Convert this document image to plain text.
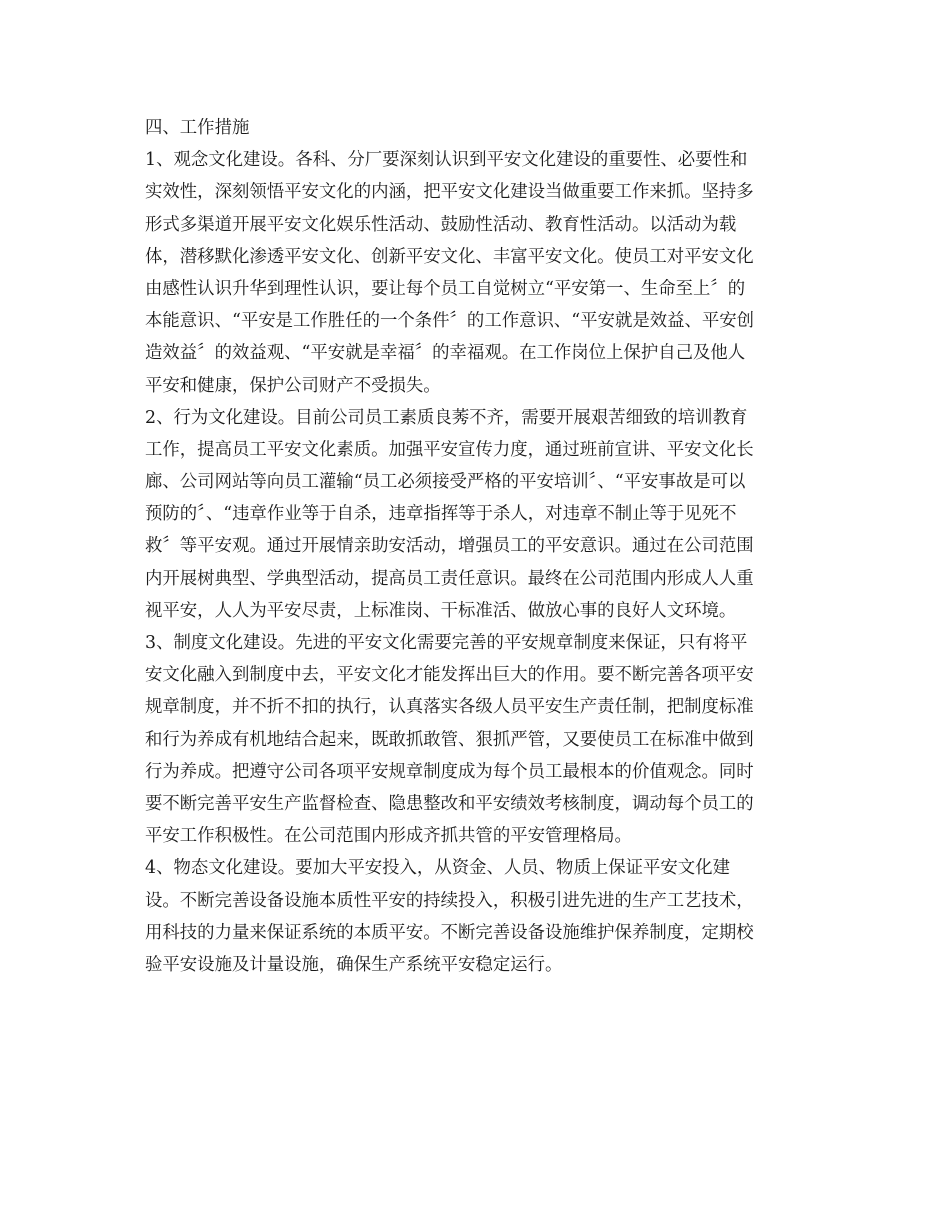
四、工作措施
1、观念文化建设。各科、分厂要深刻认识到平安文化建设的重要性、必要性和
实效性，深刻领悟平安文化的内涵，把平安文化建设当做重要工作来抓。坚持多
形式多渠道开展平安文化娱乐性活动、鼓励性活动、教育性活动。以活动为载
体，潜移默化渗透平安文化、创新平安文化、丰富平安文化。使员工对平安文化
由感性认识升华到理性认识，要让每个员工自觉树立“平安第一、生命至上〞的
本能意识、“平安是工作胜任的一个条件〞的工作意识、“平安就是效益、平安创
造效益〞的效益观、“平安就是幸福〞的幸福观。在工作岗位上保护自己及他人
平安和健康，保护公司财产不受损失。
2、行为文化建设。目前公司员工素质良莠不齐，需要开展艰苦细致的培训教育
工作，提高员工平安文化素质。加强平安宣传力度，通过班前宣讲、平安文化长
廊、公司网站等向员工灌输“员工必须接受严格的平安培训〞、“平安事故是可以
预防的〞、“违章作业等于自杀，违章指挥等于杀人，对违章不制止等于见死不
救〞等平安观。通过开展情亲助安活动，增强员工的平安意识。通过在公司范围
内开展树典型、学典型活动，提高员工责任意识。最终在公司范围内形成人人重
视平安，人人为平安尽责，上标准岗、干标准活、做放心事的良好人文环境。
3、制度文化建设。先进的平安文化需要完善的平安规章制度来保证，只有将平
安文化融入到制度中去，平安文化才能发挥出巨大的作用。要不断完善各项平安
规章制度，并不折不扣的执行，认真落实各级人员平安生产责任制，把制度标准
和行为养成有机地结合起来，既敢抓敢管、狠抓严管，又要使员工在标准中做到
行为养成。把遵守公司各项平安规章制度成为每个员工最根本的价值观念。同时
要不断完善平安生产监督检查、隐患整改和平安绩效考核制度，调动每个员工的
平安工作积极性。在公司范围内形成齐抓共管的平安管理格局。
4、物态文化建设。要加大平安投入，从资金、人员、物质上保证平安文化建
设。不断完善设备设施本质性平安的持续投入，积极引进先进的生产工艺技术，
用科技的力量来保证系统的本质平安。不断完善设备设施维护保养制度，定期校
验平安设施及计量设施，确保生产系统平安稳定运行。
